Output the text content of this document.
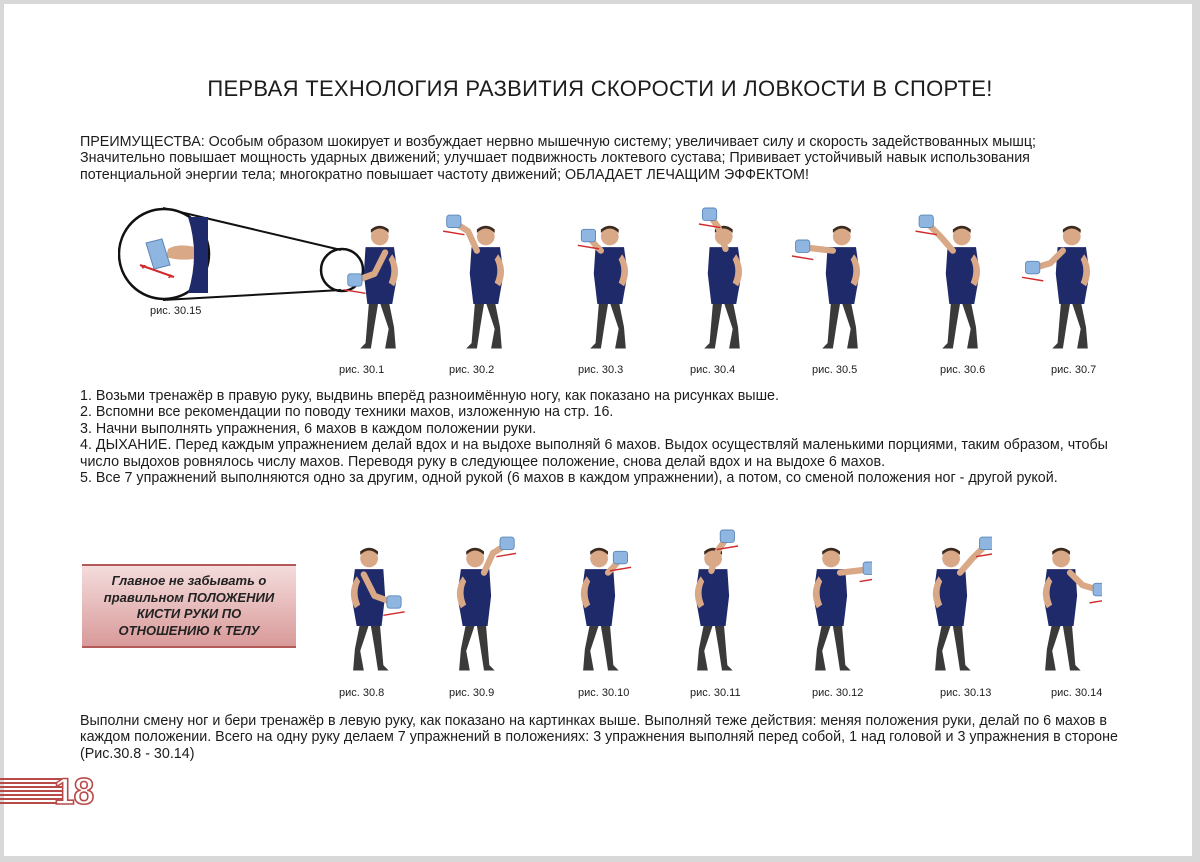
ПЕРВАЯ ТЕХНОЛОГИЯ РАЗВИТИЯ СКОРОСТИ И ЛОВКОСТИ В СПОРТЕ!

ПРЕИМУЩЕСТВА: Особым образом шокирует и возбуждает нервно мышечную систему; увеличивает силу и скорость задействованных мышц; Значительно повышает мощность ударных движений; улучшает подвижность локтевого сустава; Прививает устойчивый навык использования потенциальной энергии тела; многократно повышает частоту движений; ОБЛАДАЕТ ЛЕЧАЩИМ ЭФФЕКТОМ!

рис. 30.15
рис. 30.1	рис. 30.2	рис. 30.3	рис. 30.4	рис. 30.5	рис. 30.6	рис. 30.7

1. Возьми тренажёр в правую руку, выдвинь вперёд разноимённую ногу, как показано на рисунках выше.

2. Вспомни все рекомендации по поводу техники махов, изложенную на стр. 16.

3. Начни выполнять упражнения, 6 махов в каждом положении руки.

4. ДЫХАНИЕ. Перед каждым упражнением делай вдох и на выдохе выполняй 6 махов. Выдох осуществляй маленькими порциями, таким образом, чтобы число выдохов ровнялось числу махов. Переводя руку в следующее положение, снова делай вдох и на выдохе 6 махов.

5. Все 7 упражнений выполняются одно за другим, одной рукой (6 махов в каждом упражнении), а потом, со сменой положения ног - другой рукой.

Главное не забывать о правильном ПОЛОЖЕНИИ КИСТИ РУКИ ПО ОТНОШЕНИЮ К ТЕЛУ
рис. 30.8	рис. 30.9	рис. 30.10	рис. 30.11	рис. 30.12	рис. 30.13	рис. 30.14

Выполни смену ног и бери тренажёр в левую руку, как показано на картинках выше. Выполняй теже действия: меняя положения руки, делай по 6 махов в каждом положении. Всего на одну руку делаем 7 упражнений в положениях: 3 упражнения выполняй перед собой, 1 над головой и 3 упражнения в стороне (Рис.30.8 - 30.14)

18
